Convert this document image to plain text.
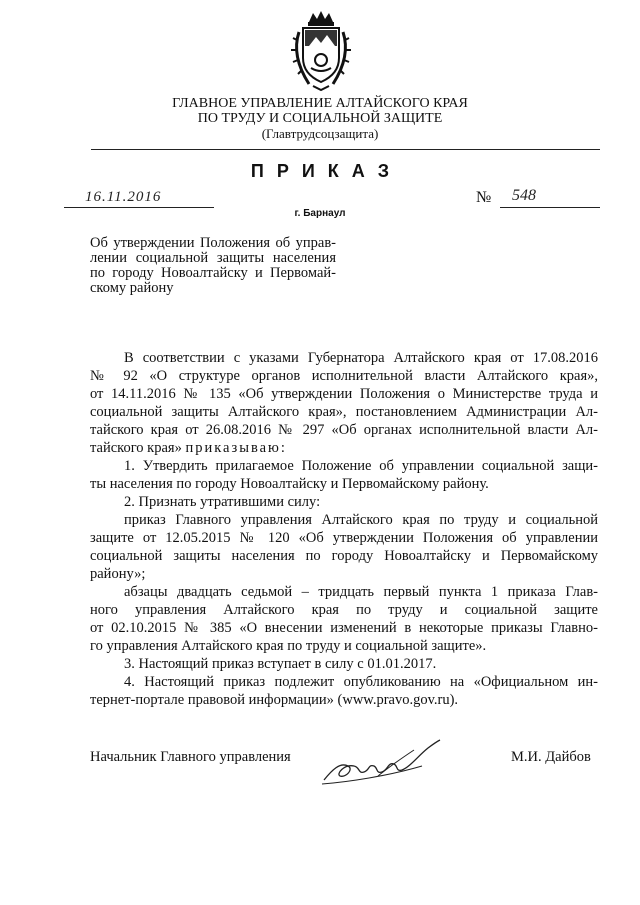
ГЛАВНОЕ УПРАВЛЕНИЕ АЛТАЙСКОГО КРАЯ
ПО ТРУДУ И СОЦИАЛЬНОЙ ЗАЩИТЕ
(Главтрудсоцзащита)
ПРИКАЗ
16.11.2016	№ 548
г. Барнаул
Об утверждении Положения об управ-
лении социальной защиты населения
по городу Новоалтайску и Первомай-
скому району
В соответствии с указами Губернатора Алтайского края от 17.08.2016
№ 92 «О структуре органов исполнительной власти Алтайского края»,
от 14.11.2016 № 135 «Об утверждении Положения о Министерстве труда и
социальной защиты Алтайского края», постановлением Администрации Ал-
тайского края от 26.08.2016 № 297 «Об органах исполнительной власти Ал-
тайского края» приказываю:
1. Утвердить прилагаемое Положение об управлении социальной защи-
ты населения по городу Новоалтайску и Первомайскому району.
2. Признать утратившими силу:
приказ Главного управления Алтайского края по труду и социальной
защите от 12.05.2015 № 120 «Об утверждении Положения об управлении
социальной защиты населения по городу Новоалтайску и Первомайскому
району»;
абзацы двадцать седьмой – тридцать первый пункта 1 приказа Глав-
ного управления Алтайского края по труду и социальной защите
от 02.10.2015 № 385 «О внесении изменений в некоторые приказы Главно-
го управления Алтайского края по труду и социальной защите».
3. Настоящий приказ вступает в силу с 01.01.2017.
4. Настоящий приказ подлежит опубликованию на «Официальном ин-
тернет-портале правовой информации» (www.pravo.gov.ru).
Начальник Главного управления	М.И. Дайбов
